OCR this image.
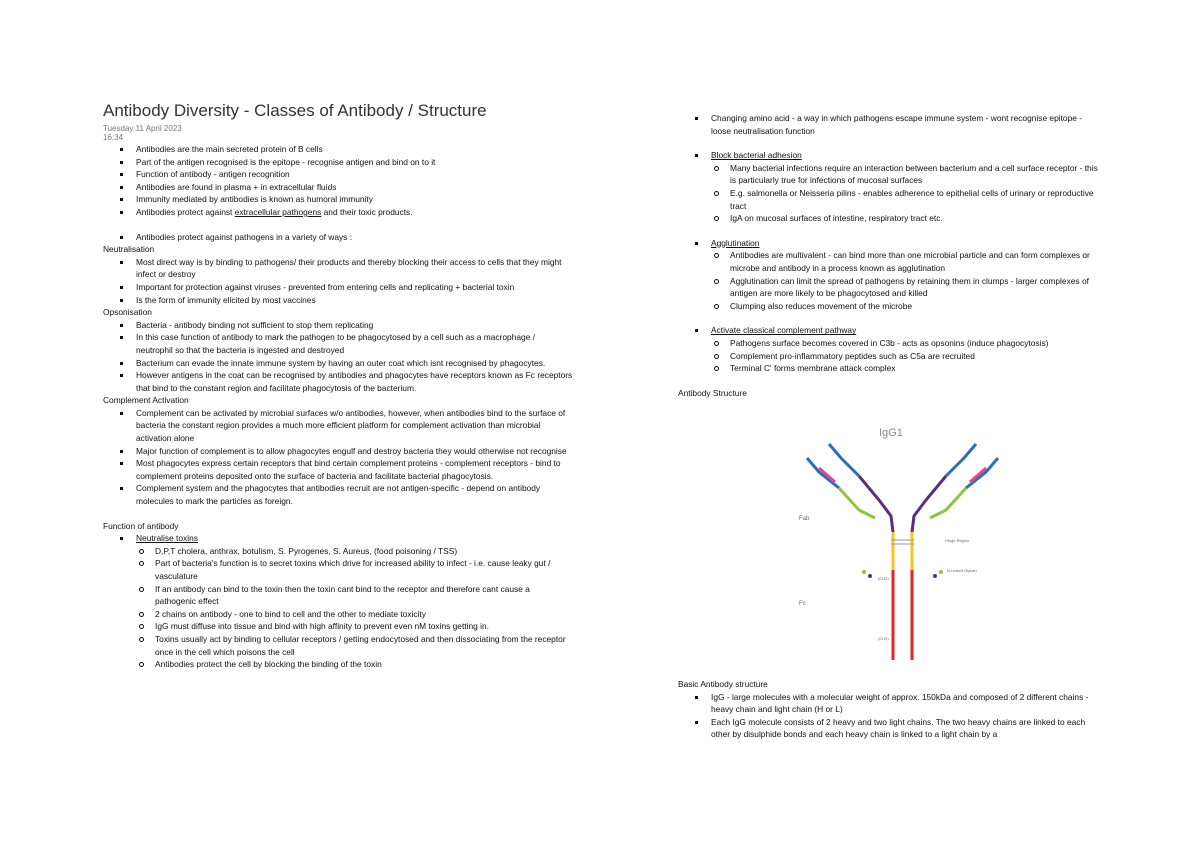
Antibody Diversity - Classes of Antibody / Structure
Tuesday 11 April 2023
16:34
Antibodies are the main secreted protein of B cells
Part of the antigen recognised is the epitope - recognise antigen and bind on to it
Function of antibody - antigen recognition
Antibodies are found in plasma + in extracellular fluids
Immunity mediated by antibodies is known as humoral immunity
Antibodies protect against extracellular pathogens and their toxic products.
Antibodies protect against pathogens in a variety of ways :
Neutralisation
Most direct way is by binding to pathogens/ their products and thereby blocking their access to cells that they might infect or destroy
Important for protection against viruses - prevented from entering cells and replicating + bacterial toxin
Is the form of immunity elicited by most vaccines
Opsonisation
Bacteria - antibody binding not sufficient to stop them replicating
In this case function of antibody to mark the pathogen to be phagocytosed by a cell such as a macrophage / neutrophil so that the bacteria is ingested and destroyed
Bacterium can evade the innate immune system by having an outer coat which isnt recognised by phagocytes.
However antigens in the coat can be recognised by antibodies and phagocytes have receptors known as Fc receptors that bind to the constant region and facilitate phagocytosis of the bacterium.
Complement Activation
Complement can be activated by microbial surfaces w/o antibodies, however, when antibodies bind to the surface of bacteria the constant region provides a much more efficient platform for complement activation than microbial activation alone
Major function of complement is to allow phagocytes engulf and destroy bacteria they would otherwise not recognise
Most phagocytes express certain receptors that bind certain complement proteins - complement receptors - bind to complement proteins deposited onto the surface of bacteria and facilitate bacterial phagocytosis.
Complement system and the phagocytes that antibodies recruit are not antigen-specific - depend on antibody molecules to mark the particles as foreign.
Function of antibody
Neutralise toxins
D,P,T cholera, anthrax, botulism, S. Pyrogenes, S. Aureus, (food poisoning / TSS)
Part of bacteria's function is to secret toxins which drive for increased ability to infect - i.e. cause leaky gut / vasculature
If an antibody can bind to the toxin then the toxin cant bind to the receptor and therefore cant cause a pathogenic effect
2 chains on antibody - one to bind to cell and the other to mediate toxicity
IgG must diffuse into tissue and bind with high affinity to prevent even nM toxins getting in.
Toxins usually act by binding to cellular receptors / getting endocytosed and then dissociating from the receptor once in the cell which poisons the cell
Antibodies protect the cell by blocking the binding of the toxin
Changing amino acid - a way in which pathogens escape immune system - wont recognise epitope - loose neutralisation function
Block bacterial adhesion
Many bacterial infections require an interaction between bacterium and a cell surface receptor - this is particularly true for infections of mucosal surfaces
E.g. salmonella or Neisseria pilins - enables adherence to epithelial cells of urinary or reproductive tract
IgA on mucosal surfaces of intestine, respiratory tract etc.
Agglutination
Antibodies are multivalent - can bind more than one microbial particle and can form complexes or microbe and antibody in a process known as agglutination
Agglutination can limit the spread of pathogens by retaining them in clumps - larger complexes of antigen are more likely to be phagocytosed and killed
Clumping also reduces movement of the microbe
Activate classical complement pathway
Pathogens surface becomes covered in C3b - acts as opsonins (induce phagocytosis)
Complement pro-inflammatory peptides such as C5a are recruited
Terminal C' forms membrane attack complex
Antibody Structure
IgG1
Fc
Fab
Hinge Region
N-Linked Glycan
(CH2)
(CH3)
Basic Antibody structure
IgG - large molecules with a molecular weight of approx. 150kDa and composed of 2 different chains - heavy chain and light chain (H or L)
Each IgG molecule consists of 2 heavy and two light chains. The two heavy chains are linked to each other by disulphide bonds and each heavy chain is linked to a light chain by a
